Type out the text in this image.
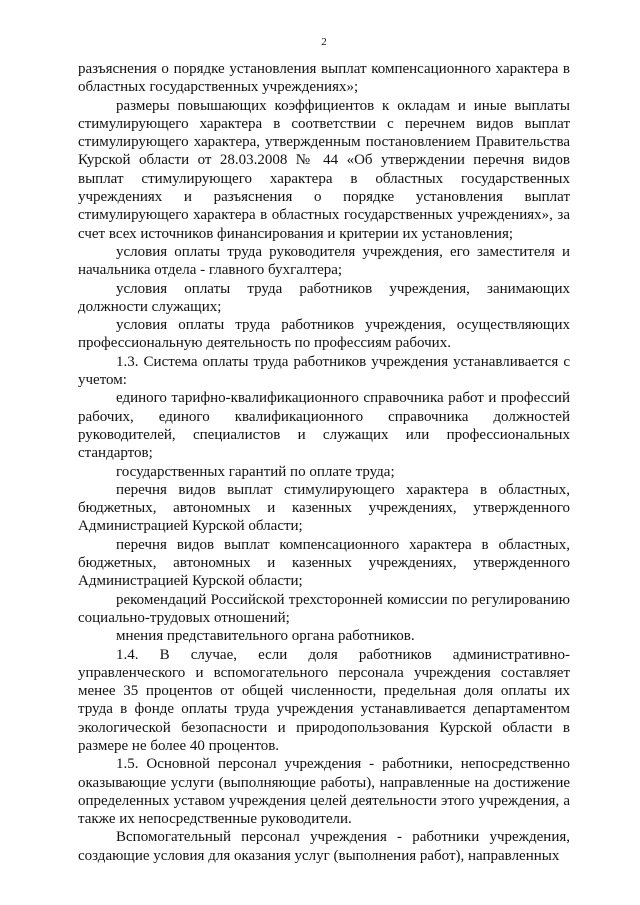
2

разъяснения о порядке установления выплат компенсационного характера в областных государственных учреждениях»;

размеры повышающих коэффициентов к окладам и иные выплаты стимулирующего характера в соответствии с перечнем видов выплат стимулирующего характера, утвержденным постановлением Правительства Курской области от 28.03.2008 № 44 «Об утверждении перечня видов выплат стимулирующего характера в областных государственных учреждениях и разъяснения о порядке установления выплат стимулирующего характера в областных государственных учреждениях», за счет всех источников финансирования и критерии их установления;

условия оплаты труда руководителя учреждения, его заместителя и начальника отдела - главного бухгалтера;

условия оплаты труда работников учреждения, занимающих должности служащих;

условия оплаты труда работников учреждения, осуществляющих профессиональную деятельность по профессиям рабочих.

1.3. Система оплаты труда работников учреждения устанавливается с учетом:

единого тарифно-квалификационного справочника работ и профессий рабочих, единого квалификационного справочника должностей руководителей, специалистов и служащих или профессиональных стандартов;

государственных гарантий по оплате труда;

перечня видов выплат стимулирующего характера в областных, бюджетных, автономных и казенных учреждениях, утвержденного Администрацией Курской области;

перечня видов выплат компенсационного характера в областных, бюджетных, автономных и казенных учреждениях, утвержденного Администрацией Курской области;

рекомендаций Российской трехсторонней комиссии по регулированию социально-трудовых отношений;

мнения представительного органа работников.

1.4. В случае, если доля работников административно-управленческого и вспомогательного персонала учреждения составляет менее 35 процентов от общей численности, предельная доля оплаты их труда в фонде оплаты труда учреждения устанавливается департаментом экологической безопасности и природопользования Курской области в размере не более 40 процентов.

1.5. Основной персонал учреждения - работники, непосредственно оказывающие услуги (выполняющие работы), направленные на достижение определенных уставом учреждения целей деятельности этого учреждения, а также их непосредственные руководители.

Вспомогательный персонал учреждения - работники учреждения, создающие условия для оказания услуг (выполнения работ), направленных
